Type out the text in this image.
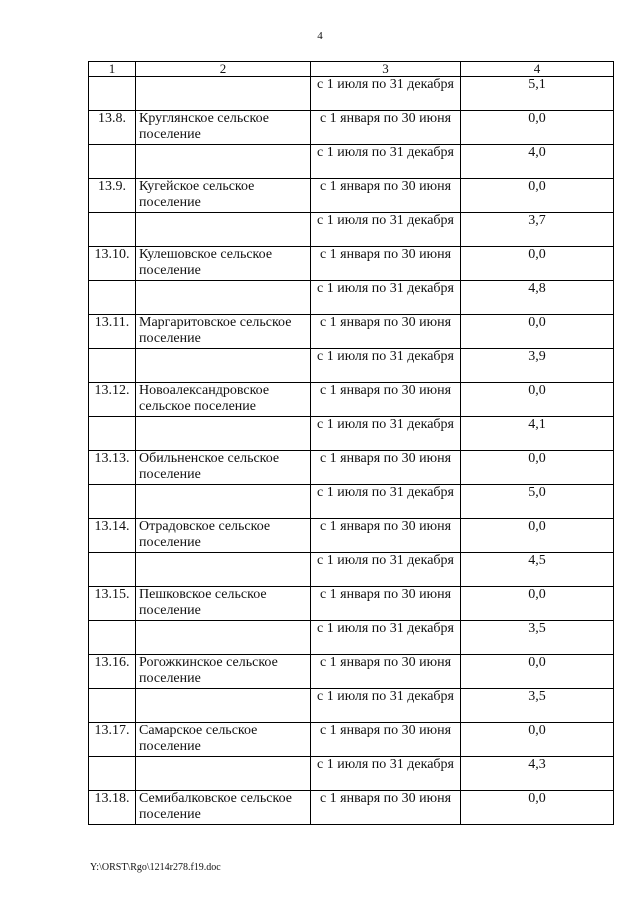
4
1	2	3	4
		с 1 июля по 31 декабря	5,1
13.8.	Круглянское сельское поселение	с 1 января по 30 июня	0,0
		с 1 июля по 31 декабря	4,0
13.9.	Кугейское сельское поселение	с 1 января по 30 июня	0,0
		с 1 июля по 31 декабря	3,7
13.10.	Кулешовское сельское поселение	с 1 января по 30 июня	0,0
		с 1 июля по 31 декабря	4,8
13.11.	Маргаритовское сельское поселение	с 1 января по 30 июня	0,0
		с 1 июля по 31 декабря	3,9
13.12.	Новоалександровское сельское поселение	с 1 января по 30 июня	0,0
		с 1 июля по 31 декабря	4,1
13.13.	Обильненское сельское поселение	с 1 января по 30 июня	0,0
		с 1 июля по 31 декабря	5,0
13.14.	Отрадовское сельское поселение	с 1 января по 30 июня	0,0
		с 1 июля по 31 декабря	4,5
13.15.	Пешковское сельское поселение	с 1 января по 30 июня	0,0
		с 1 июля по 31 декабря	3,5
13.16.	Рогожкинское сельское поселение	с 1 января по 30 июня	0,0
		с 1 июля по 31 декабря	3,5
13.17.	Самарское сельское поселение	с 1 января по 30 июня	0,0
		с 1 июля по 31 декабря	4,3
13.18.	Семибалковское сельское поселение	с 1 января по 30 июня	0,0
Y:\ORST\Rgo\1214r278.f19.doc
